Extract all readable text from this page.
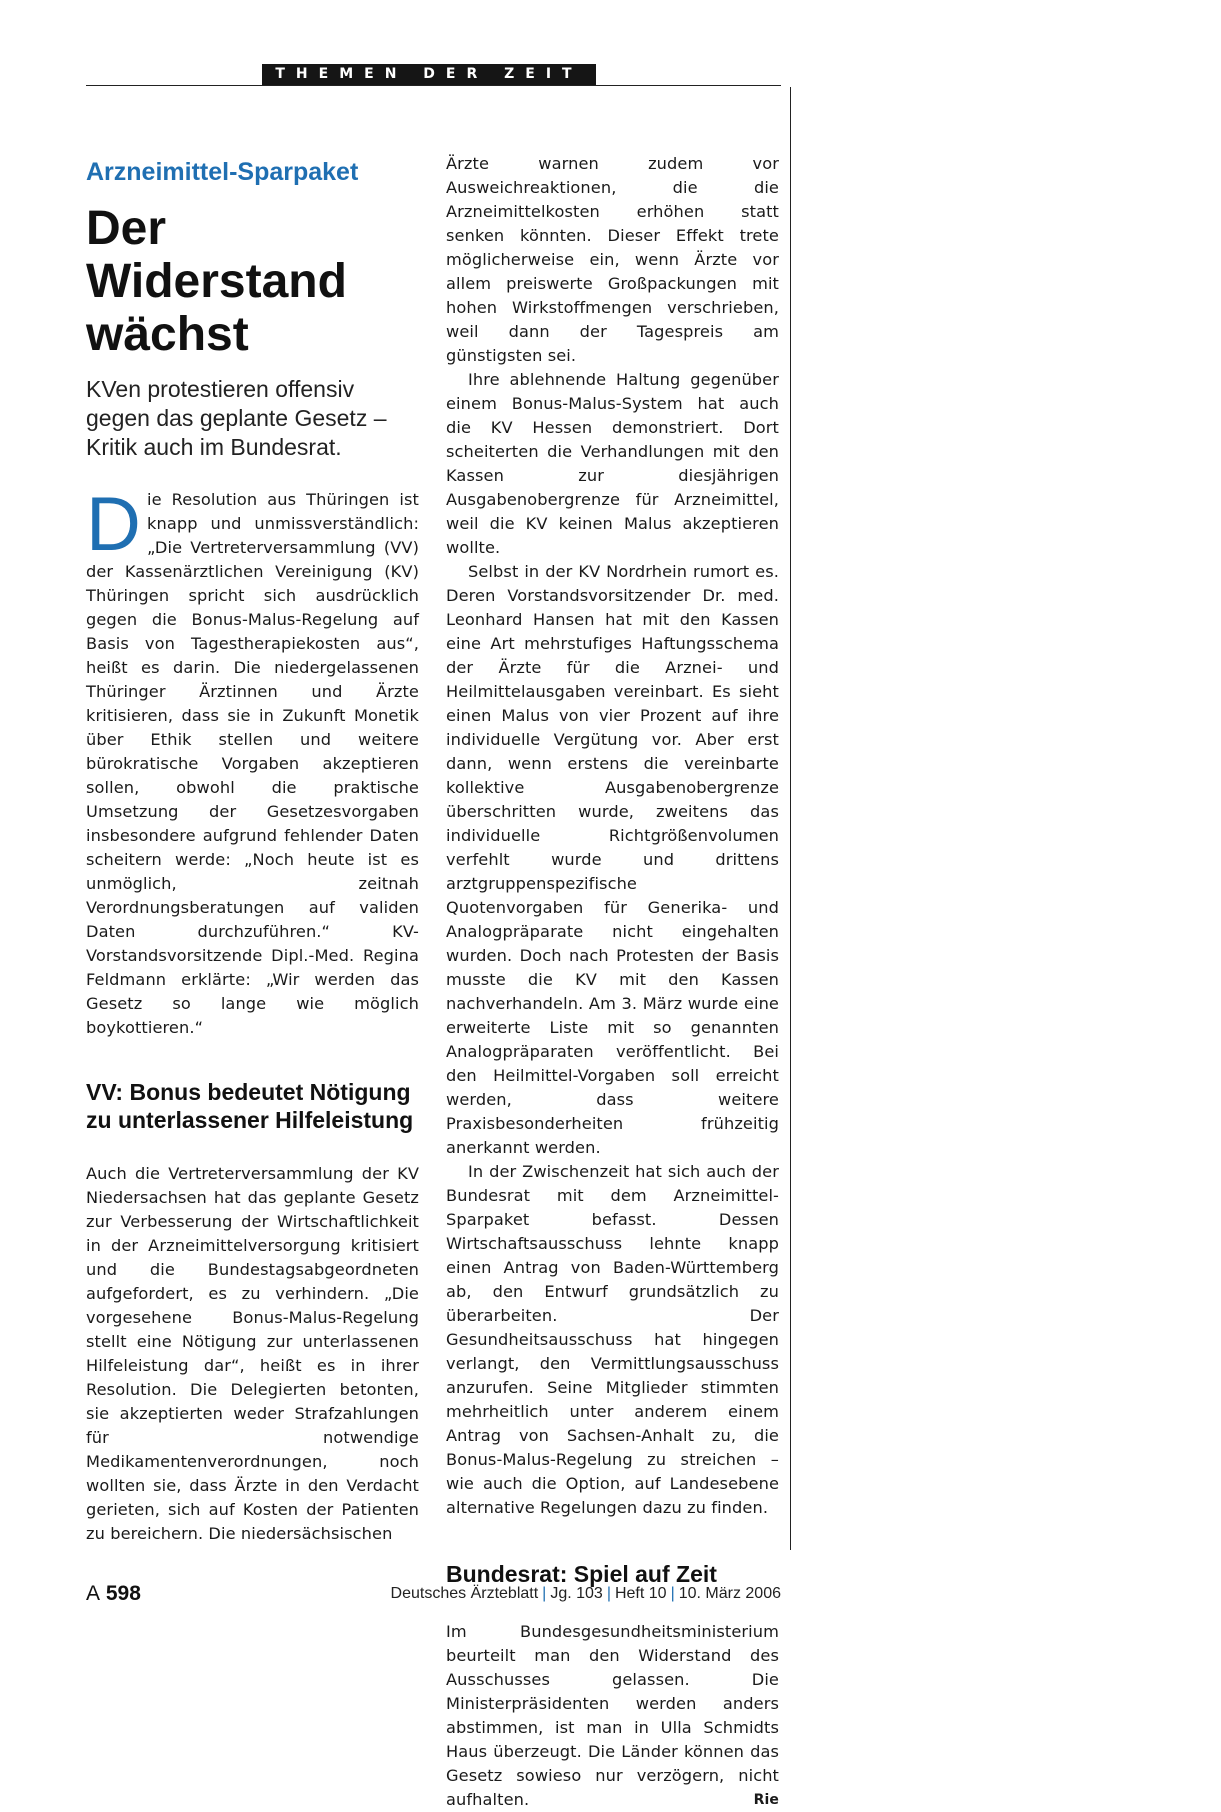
THEMEN DER ZEIT
Arzneimittel-Sparpaket
Der Widerstand wächst
KVen protestieren offensiv gegen das geplante Gesetz – Kritik auch im Bundesrat.

Die Resolution aus Thüringen ist knapp und unmissverständlich: „Die Vertreterversammlung (VV) der Kassenärztlichen Vereinigung (KV) Thüringen spricht sich ausdrücklich gegen die Bonus-Malus-Regelung auf Basis von Tagestherapiekosten aus“, heißt es darin. Die niedergelassenen Thüringer Ärztinnen und Ärzte kritisieren, dass sie in Zukunft Monetik über Ethik stellen und weitere bürokratische Vorgaben akzeptieren sollen, obwohl die praktische Umsetzung der Gesetzesvorgaben insbesondere aufgrund fehlender Daten scheitern werde: „Noch heute ist es unmöglich, zeitnah Verordnungsberatungen auf validen Daten durchzuführen.“ KV-Vorstandsvorsitzende Dipl.-Med. Regina Feldmann erklärte: „Wir werden das Gesetz so lange wie möglich boykottieren.“

VV: Bonus bedeutet Nötigung zu unterlassener Hilfeleistung

Auch die Vertreterversammlung der KV Niedersachsen hat das geplante Gesetz zur Verbesserung der Wirtschaftlichkeit in der Arzneimittelversorgung kritisiert und die Bundestagsabgeordneten aufgefordert, es zu verhindern. „Die vorgesehene Bonus-Malus-Regelung stellt eine Nötigung zur unterlassenen Hilfeleistung dar“, heißt es in ihrer Resolution. Die Delegierten betonten, sie akzeptierten weder Strafzahlungen für notwendige Medikamentenverordnungen, noch wollten sie, dass Ärzte in den Verdacht gerieten, sich auf Kosten der Patienten zu bereichern. Die niedersächsischen

Ärzte warnen zudem vor Ausweichreaktionen, die die Arzneimittelkosten erhöhen statt senken könnten. Dieser Effekt trete möglicherweise ein, wenn Ärzte vor allem preiswerte Großpackungen mit hohen Wirkstoffmengen verschrieben, weil dann der Tagespreis am günstigsten sei.

Ihre ablehnende Haltung gegenüber einem Bonus-Malus-System hat auch die KV Hessen demonstriert. Dort scheiterten die Verhandlungen mit den Kassen zur diesjährigen Ausgabenobergrenze für Arzneimittel, weil die KV keinen Malus akzeptieren wollte.

Selbst in der KV Nordrhein rumort es. Deren Vorstandsvorsitzender Dr. med. Leonhard Hansen hat mit den Kassen eine Art mehrstufiges Haftungsschema der Ärzte für die Arznei- und Heilmittelausgaben vereinbart. Es sieht einen Malus von vier Prozent auf ihre individuelle Vergütung vor. Aber erst dann, wenn erstens die vereinbarte kollektive Ausgabenobergrenze überschritten wurde, zweitens das individuelle Richtgrößenvolumen verfehlt wurde und drittens arztgruppenspezifische Quotenvorgaben für Generika- und Analogpräparate nicht eingehalten wurden. Doch nach Protesten der Basis musste die KV mit den Kassen nachverhandeln. Am 3. März wurde eine erweiterte Liste mit so genannten Analogpräparaten veröffentlicht. Bei den Heilmittel-Vorgaben soll erreicht werden, dass weitere Praxisbesonderheiten frühzeitig anerkannt werden.

In der Zwischenzeit hat sich auch der Bundesrat mit dem Arzneimittel-Sparpaket befasst. Dessen Wirtschaftsausschuss lehnte knapp einen Antrag von Baden-Württemberg ab, den Entwurf grundsätzlich zu überarbeiten. Der Gesundheitsausschuss hat hingegen verlangt, den Vermittlungsausschuss anzurufen. Seine Mitglieder stimmten mehrheitlich unter anderem einem Antrag von Sachsen-Anhalt zu, die Bonus-Malus-Regelung zu streichen – wie auch die Option, auf Landesebene alternative Regelungen dazu zu finden.

Bundesrat: Spiel auf Zeit

Im Bundesgesundheitsministerium beurteilt man den Widerstand des Ausschusses gelassen. Die Ministerpräsidenten werden anders abstimmen, ist man in Ulla Schmidts Haus überzeugt. Die Länder können das Gesetz sowieso nur verzögern, nicht aufhalten.	Rie

A 598	Deutsches Ärzteblatt | Jg. 103 | Heft 10 | 10. März 2006
